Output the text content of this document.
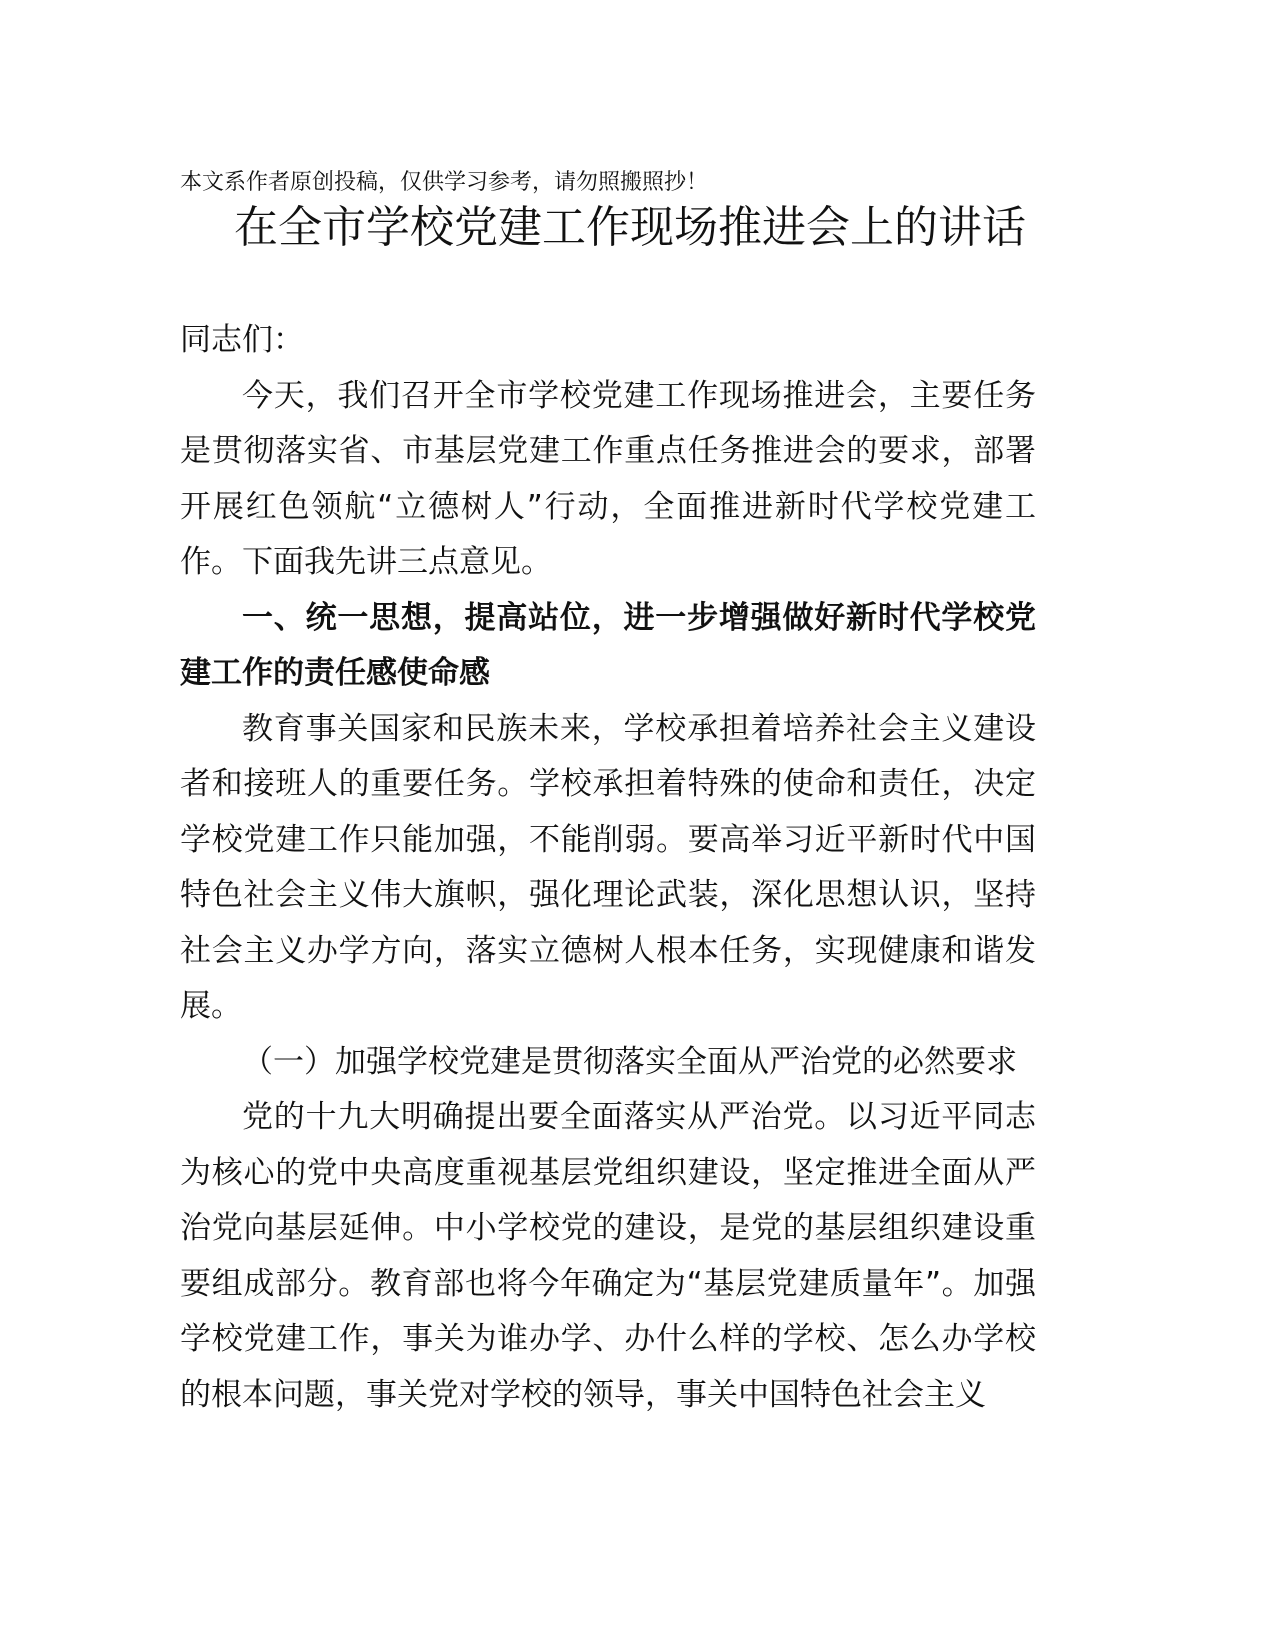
本文系作者原创投稿，仅供学习参考，请勿照搬照抄！
在全市学校党建工作现场推进会上的讲话

同志们：

今天，我们召开全市学校党建工作现场推进会，主要任务是贯彻落实省、市基层党建工作重点任务推进会的要求，部署开展红色领航“立德树人”行动，全面推进新时代学校党建工作。下面我先讲三点意见。

一、统一思想，提高站位，进一步增强做好新时代学校党建工作的责任感使命感

教育事关国家和民族未来，学校承担着培养社会主义建设者和接班人的重要任务。学校承担着特殊的使命和责任，决定学校党建工作只能加强，不能削弱。要高举习近平新时代中国特色社会主义伟大旗帜，强化理论武装，深化思想认识，坚持社会主义办学方向，落实立德树人根本任务，实现健康和谐发展。

（一）加强学校党建是贯彻落实全面从严治党的必然要求

党的十九大明确提出要全面落实从严治党。以习近平同志为核心的党中央高度重视基层党组织建设，坚定推进全面从严治党向基层延伸。中小学校党的建设，是党的基层组织建设重要组成部分。教育部也将今年确定为“基层党建质量年”。加强学校党建工作，事关为谁办学、办什么样的学校、怎么办学校的根本问题，事关党对学校的领导，事关中国特色社会主义
